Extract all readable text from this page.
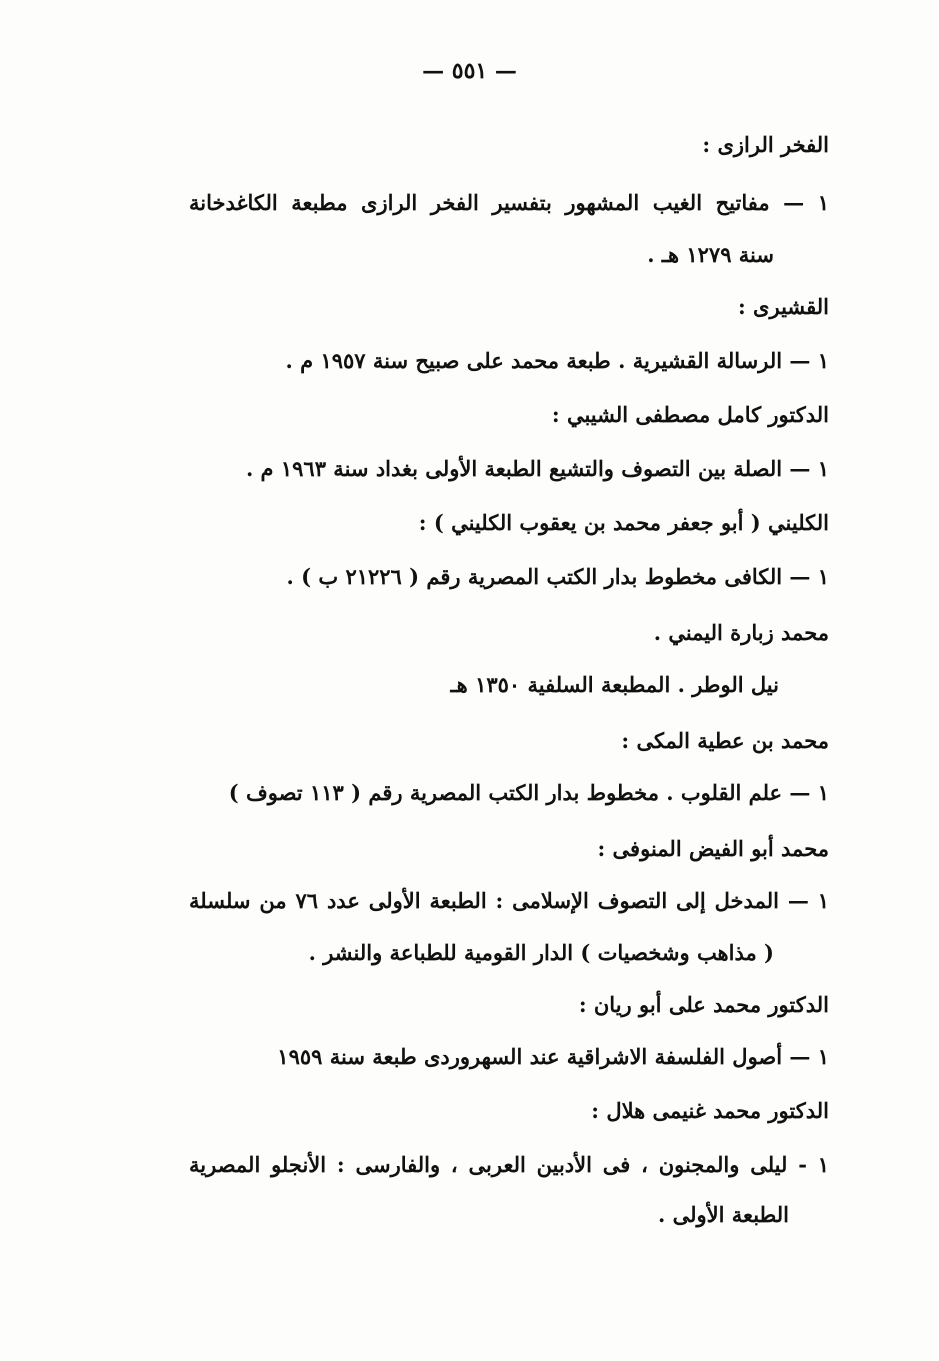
— ٥٥١ —
الفخر الرازى :
١ — مفاتيح الغيب المشهور بتفسير الفخر الرازى مطبعة الكاغدخانة
سنة ١٢٧٩ هـ .
القشيرى :
١ — الرسالة القشيرية . طبعة محمد على صبيح سنة ١٩٥٧ م .
الدكتور كامل مصطفى الشيبي :
١ — الصلة بين التصوف والتشيع الطبعة الأولى بغداد سنة ١٩٦٣ م .
الكليني ( أبو جعفر محمد بن يعقوب الكليني ) :
١ — الكافى مخطوط بدار الكتب المصرية رقم ( ٢١٢٢٦ ب ) .
محمد زبارة اليمني .
نيل الوطر . المطبعة السلفية ١٣٥٠ هـ
محمد بن عطية المكى :
١ — علم القلوب . مخطوط بدار الكتب المصرية رقم ( ١١٣ تصوف )
محمد أبو الفيض المنوفى :
١ — المدخل إلى التصوف الإسلامى : الطبعة الأولى عدد ٧٦ من سلسلة
( مذاهب وشخصيات ) الدار القومية للطباعة والنشر .
الدكتور محمد على أبو ريان :
١ — أصول الفلسفة الاشراقية عند السهروردى طبعة سنة ١٩٥٩
الدكتور محمد غنيمى هلال :
١ - ليلى والمجنون ، فى الأدبين العربى ، والفارسى : الأنجلو المصرية
الطبعة الأولى .
